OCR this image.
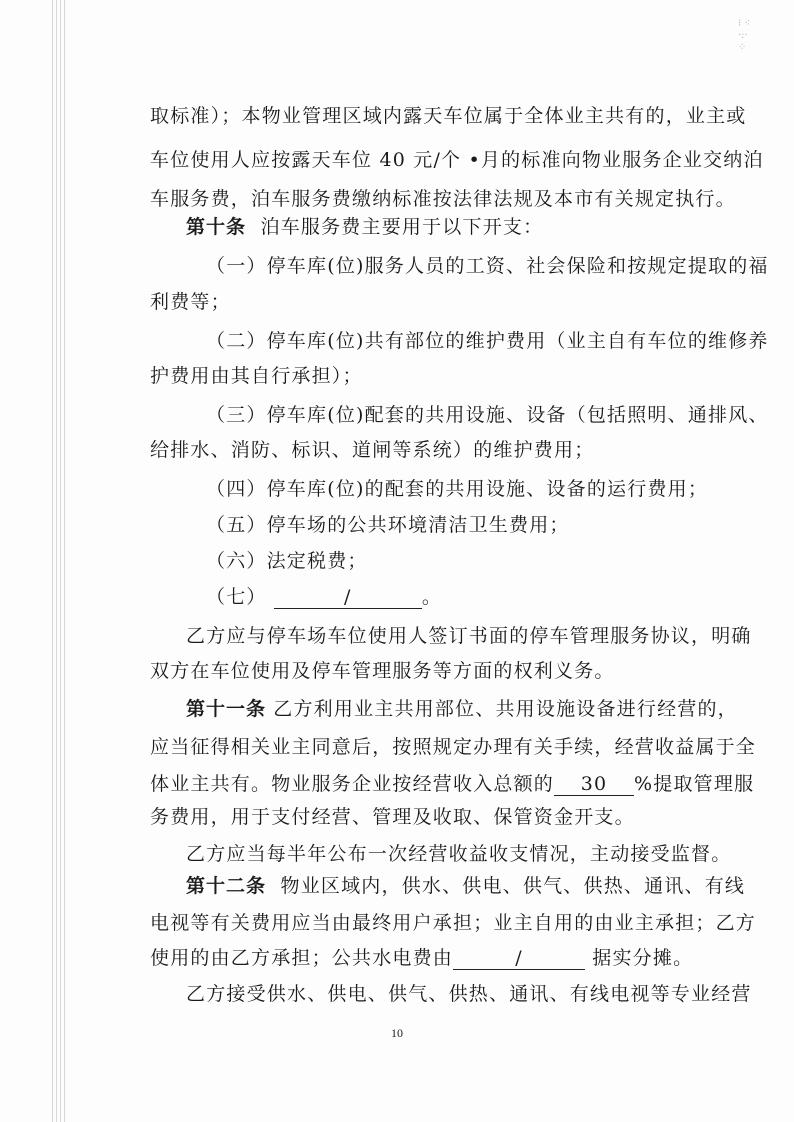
⁝ ⁖
·:·
⁘
取标准）；本物业管理区域内露天车位属于全体业主共有的，业主或
车位使用人应按露天车位 40 元/个 •月的标准向物业服务企业交纳泊
车服务费，泊车服务费缴纳标准按法律法规及本市有关规定执行。
第十条 泊车服务费主要用于以下开支：
（一）停车库(位)服务人员的工资、社会保险和按规定提取的福
利费等；
（二）停车库(位)共有部位的维护费用（业主自有车位的维修养
护费用由其自行承担）；
（三）停车库(位)配套的共用设施、设备（包括照明、通排风、
给排水、消防、标识、道闸等系统）的维护费用；
（四）停车库(位)的配套的共用设施、设备的运行费用；
（五）停车场的公共环境清洁卫生费用；
（六）法定税费；
（七）	/	。
乙方应与停车场车位使用人签订书面的停车管理服务协议，明确
双方在车位使用及停车管理服务等方面的权利义务。
第十一条 乙方利用业主共用部位、共用设施设备进行经营的，
应当征得相关业主同意后，按照规定办理有关手续，经营收益属于全
体业主共有。物业服务企业按经营收入总额的 30 %提取管理服
务费用，用于支付经营、管理及收取、保管资金开支。
乙方应当每半年公布一次经营收益收支情况，主动接受监督。
第十二条 物业区域内，供水、供电、供气、供热、通讯、有线
电视等有关费用应当由最终用户承担；业主自用的由业主承担；乙方
使用的由乙方承担；公共水电费由	/	据实分摊。
乙方接受供水、供电、供气、供热、通讯、有线电视等专业经营
10
